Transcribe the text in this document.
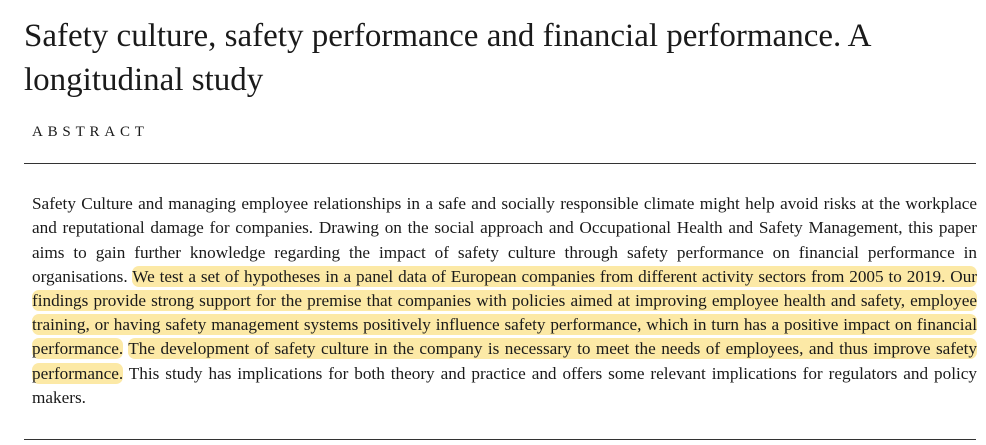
Safety culture, safety performance and financial performance. A longitudinal study
ABSTRACT

Safety Culture and managing employee relationships in a safe and socially responsible climate might help avoid risks at the workplace and reputational damage for companies. Drawing on the social approach and Occupational Health and Safety Management, this paper aims to gain further knowledge regarding the impact of safety culture through safety performance on financial performance in organisations. We test a set of hypotheses in a panel data of European companies from different activity sectors from 2005 to 2019. Our findings provide strong support for the premise that companies with policies aimed at improving employee health and safety, employee training, or having safety management systems positively influence safety performance, which in turn has a positive impact on financial performance. The development of safety culture in the company is necessary to meet the needs of employees, and thus improve safety performance. This study has implications for both theory and practice and offers some relevant implications for regulators and policy makers.
